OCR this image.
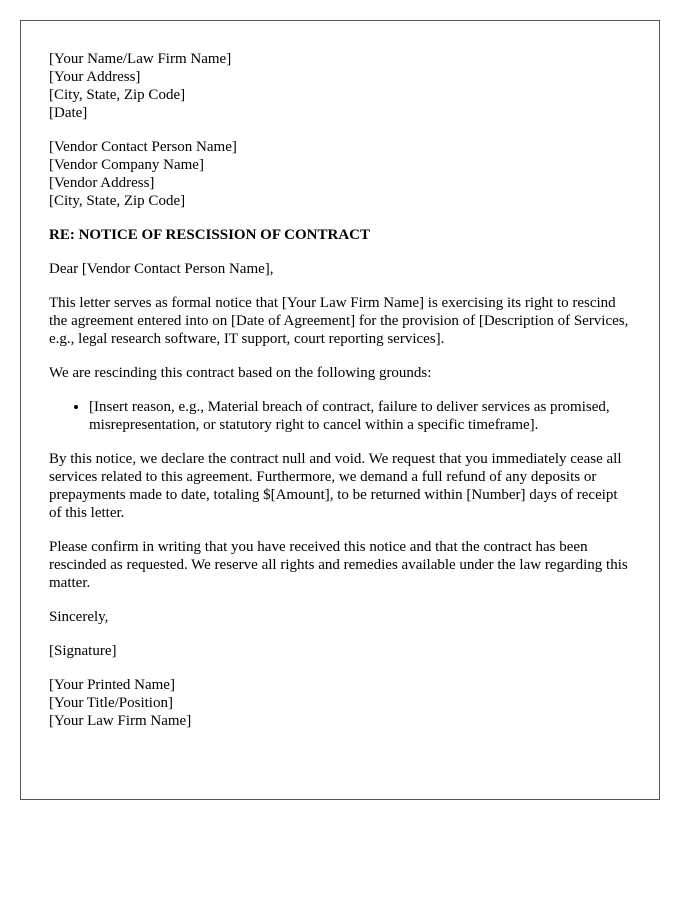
[Your Name/Law Firm Name]
[Your Address]
[City, State, Zip Code]
[Date]
[Vendor Contact Person Name]
[Vendor Company Name]
[Vendor Address]
[City, State, Zip Code]
RE: NOTICE OF RESCISSION OF CONTRACT

Dear [Vendor Contact Person Name],

This letter serves as formal notice that [Your Law Firm Name] is exercising its right to rescind the agreement entered into on [Date of Agreement] for the provision of [Description of Services, e.g., legal research software, IT support, court reporting services].

We are rescinding this contract based on the following grounds:

• [Insert reason, e.g., Material breach of contract, failure to deliver services as promised, misrepresentation, or statutory right to cancel within a specific timeframe].

By this notice, we declare the contract null and void. We request that you immediately cease all services related to this agreement. Furthermore, we demand a full refund of any deposits or prepayments made to date, totaling $[Amount], to be returned within [Number] days of receipt of this letter.

Please confirm in writing that you have received this notice and that the contract has been rescinded as requested. We reserve all rights and remedies available under the law regarding this matter.

Sincerely,

[Signature]

[Your Printed Name]
[Your Title/Position]
[Your Law Firm Name]
